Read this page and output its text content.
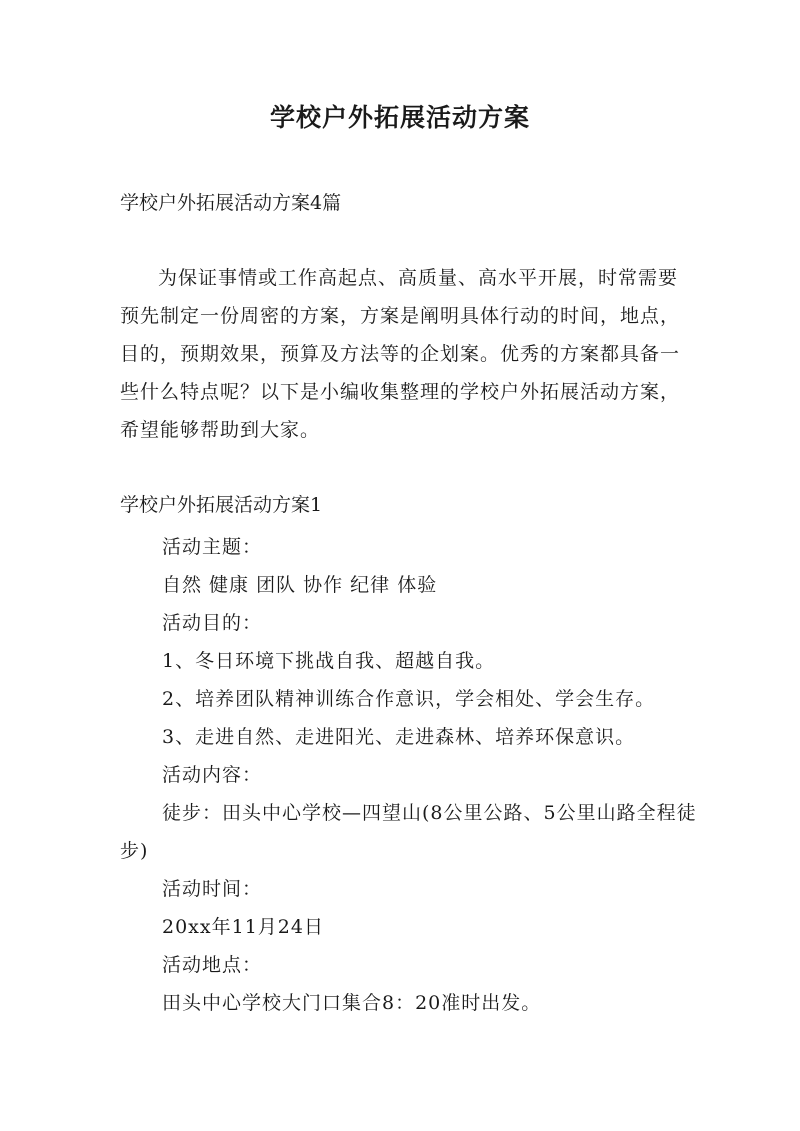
学校户外拓展活动方案

学校户外拓展活动方案4篇

为保证事情或工作高起点、高质量、高水平开展，时常需要预先制定一份周密的方案，方案是阐明具体行动的时间，地点，目的，预期效果，预算及方法等的企划案。优秀的方案都具备一些什么特点呢？以下是小编收集整理的学校户外拓展活动方案，希望能够帮助到大家。

学校户外拓展活动方案1

活动主题：
自然 健康 团队 协作 纪律 体验
活动目的：
1、冬日环境下挑战自我、超越自我。
2、培养团队精神训练合作意识，学会相处、学会生存。
3、走进自然、走进阳光、走进森林、培养环保意识。
活动内容：
徒步：田头中心学校—四望山(8公里公路、5公里山路全程徒步)
活动时间：
20xx年11月24日
活动地点：
田头中心学校大门口集合8：20准时出发。
